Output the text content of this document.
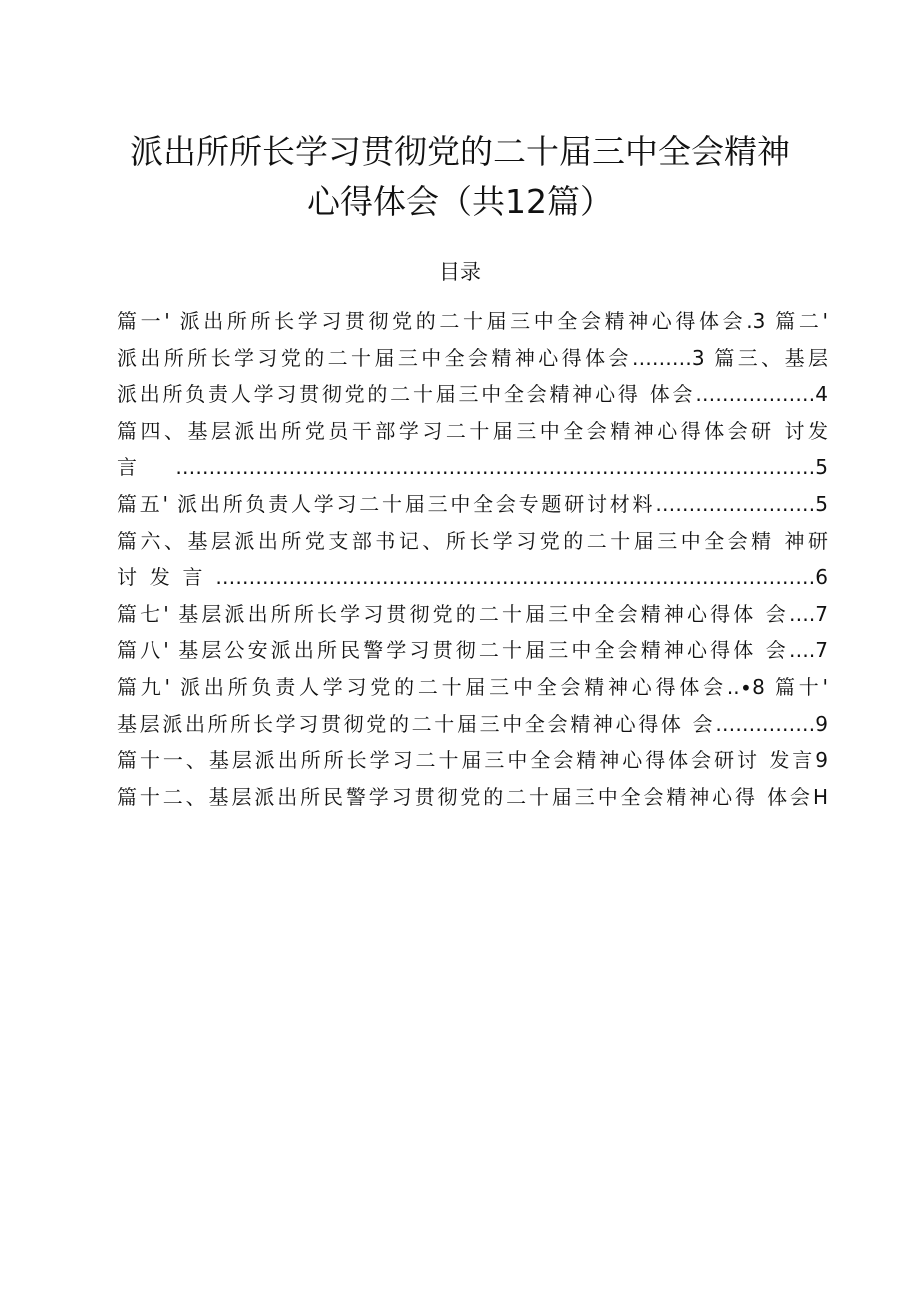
派出所所长学习贯彻党的二十届三中全会精神
心得体会（共12篇）
目录
篇一' 派出所所长学习贯彻党的二十届三中全会精神心得体会.3 篇二'
派出所所长学习党的二十届三中全会精神心得体会………3 篇三、基层
派出所负责人学习贯彻党的二十届三中全会精神心得 体会………………4
篇四、基层派出所党员干部学习二十届三中全会精神心得体会研 讨发
言……………………………………………………………………………………5
篇五' 派出所负责人学习二十届三中全会专题研讨材料……………………5
篇六、基层派出所党支部书记、所长学习党的二十届三中全会精 神研
讨发言………………………………………………………………………………6
篇七' 基层派出所所长学习贯彻党的二十届三中全会精神心得体 会….7
篇八' 基层公安派出所民警学习贯彻二十届三中全会精神心得体 会….7
篇九' 派出所负责人学习党的二十届三中全会精神心得体会..∙8 篇十'
基层派出所所长学习贯彻党的二十届三中全会精神心得体 会……………9
篇十一、基层派出所所长学习二十届三中全会精神心得体会研讨 发言9
篇十二、基层派出所民警学习贯彻党的二十届三中全会精神心得 体会H
